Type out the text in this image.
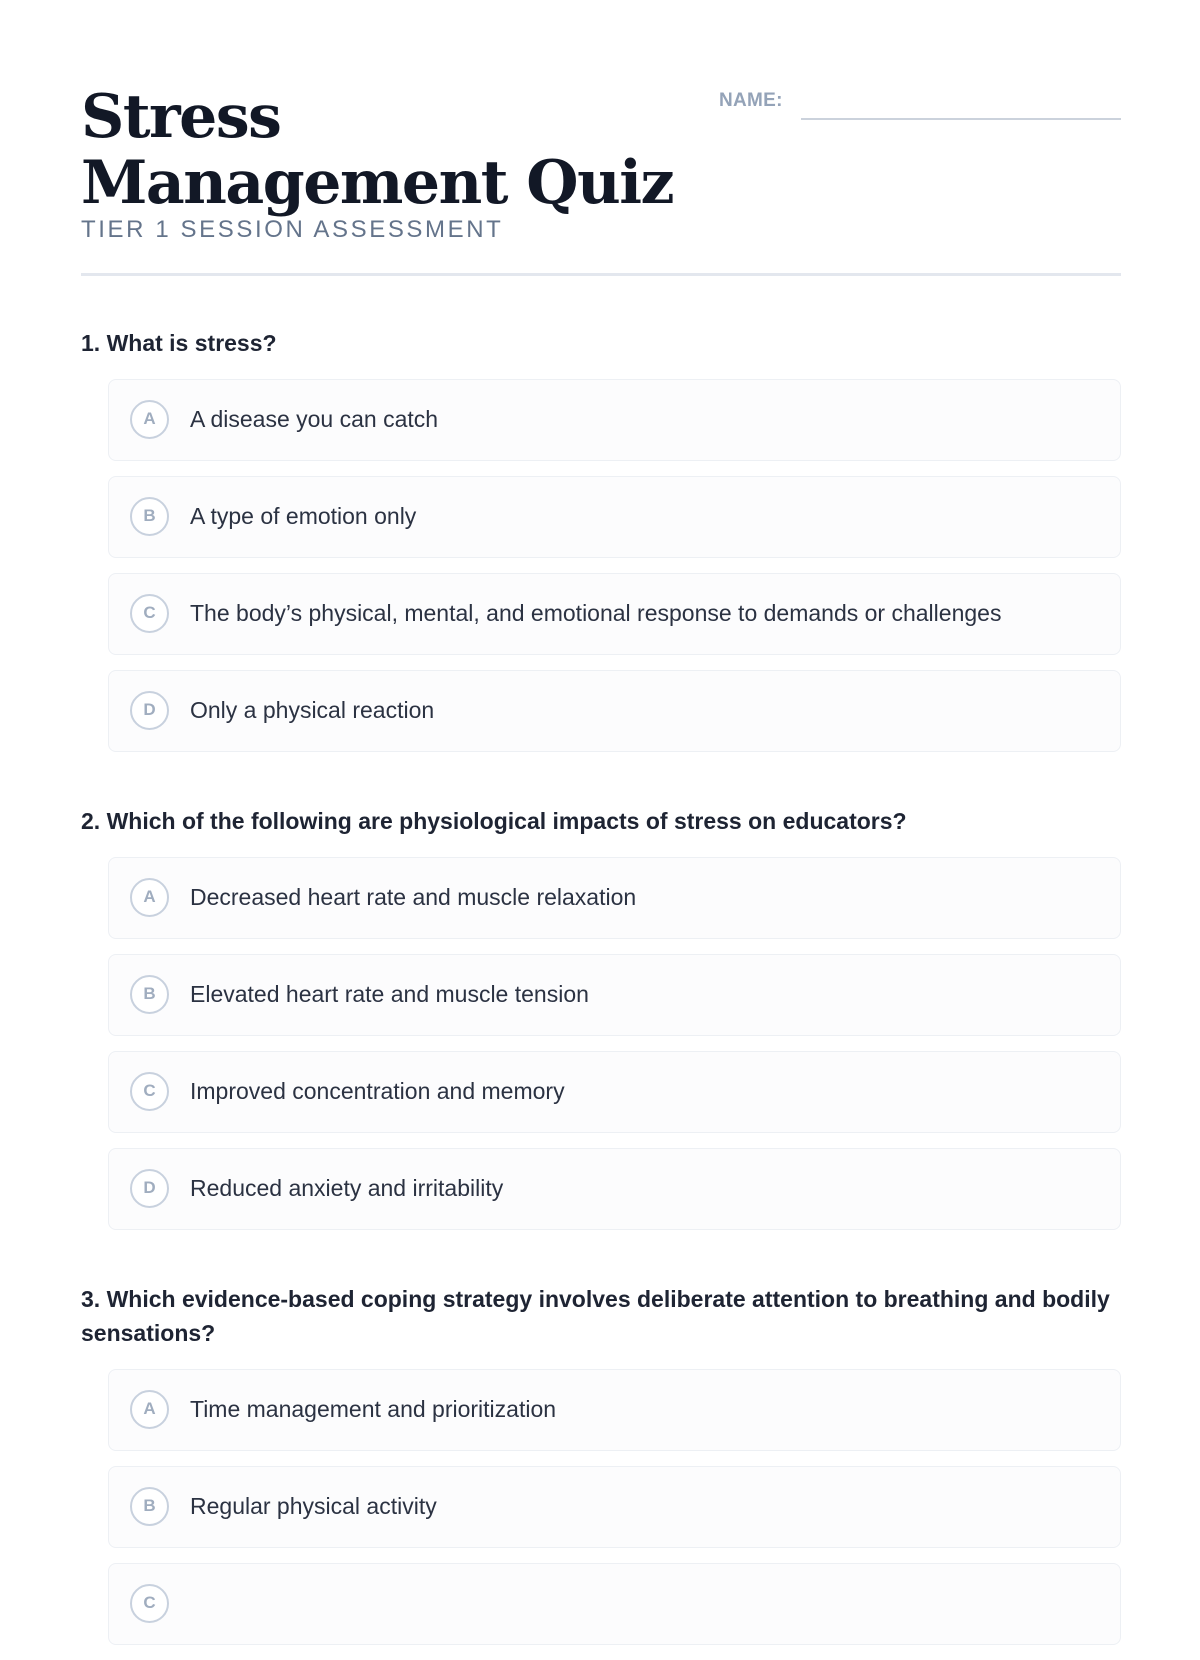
Stress Management Quiz
TIER 1 SESSION ASSESSMENT
NAME:
1. What is stress?
A	A disease you can catch
B	A type of emotion only
C	The body’s physical, mental, and emotional response to demands or challenges
D	Only a physical reaction
2. Which of the following are physiological impacts of stress on educators?
A	Decreased heart rate and muscle relaxation
B	Elevated heart rate and muscle tension
C	Improved concentration and memory
D	Reduced anxiety and irritability
3. Which evidence-based coping strategy involves deliberate attention to breathing and bodily sensations?
A	Time management and prioritization
B	Regular physical activity
C
